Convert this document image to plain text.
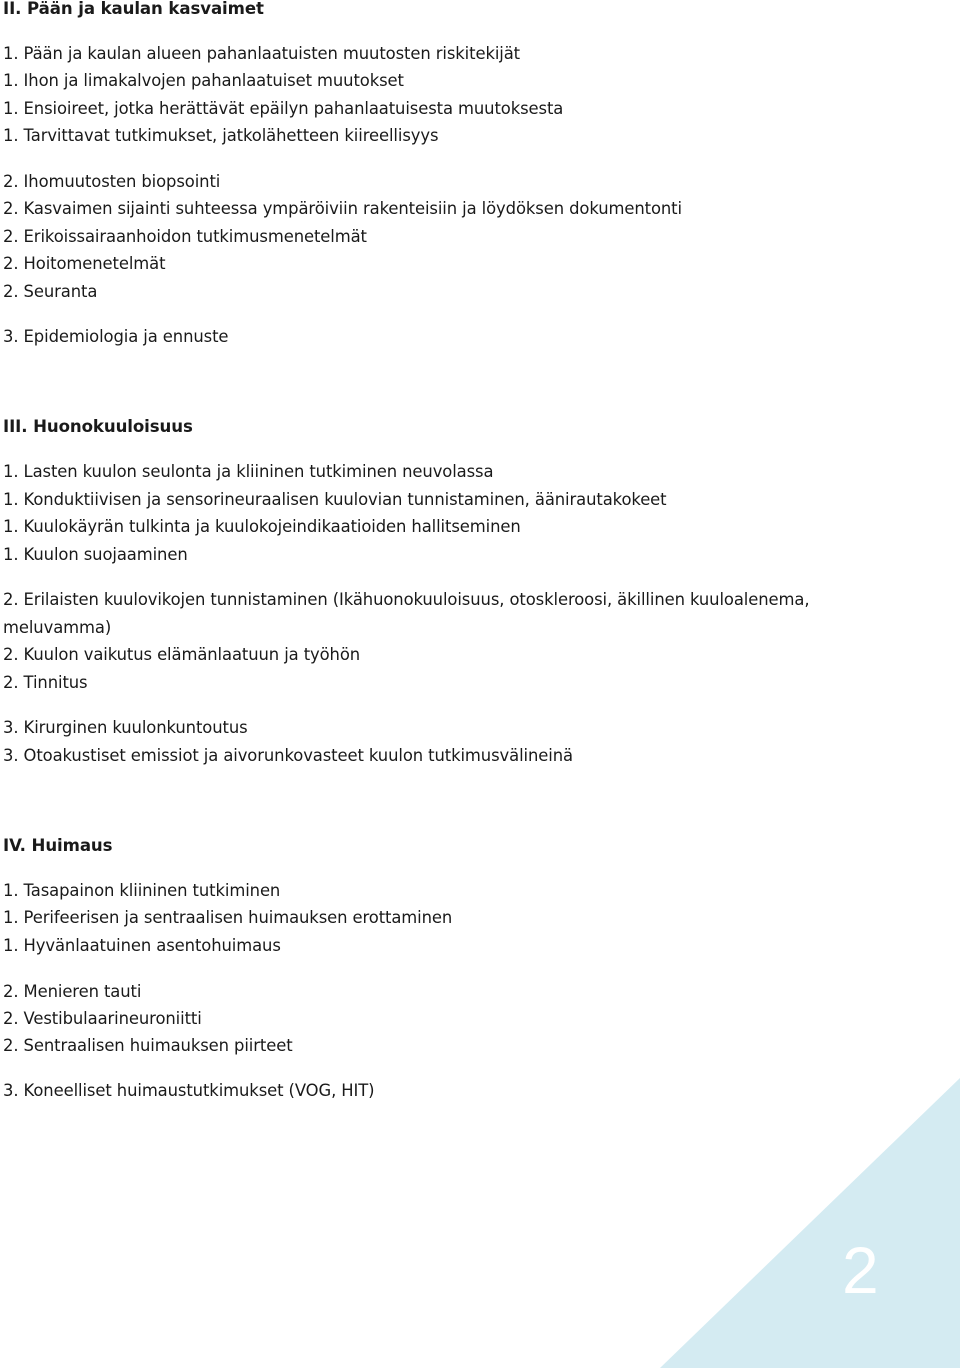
II. Pään ja kaulan kasvaimet
1. Pään ja kaulan alueen pahanlaatuisten muutosten riskitekijät
1. Ihon ja limakalvojen pahanlaatuiset muutokset
1. Ensioireet, jotka herättävät epäilyn pahanlaatuisesta muutoksesta
1. Tarvittavat tutkimukset, jatkolähetteen kiireellisyys
2. Ihomuutosten biopsointi
2. Kasvaimen sijainti suhteessa ympäröiviin rakenteisiin ja löydöksen dokumentonti
2. Erikoissairaanhoidon tutkimusmenetelmät
2. Hoitomenetelmät
2. Seuranta
3. Epidemiologia ja ennuste
III. Huonokuuloisuus
1. Lasten kuulon seulonta ja kliininen tutkiminen neuvolassa
1. Konduktiivisen ja sensorineuraalisen kuulovian tunnistaminen, äänirautakokeet
1. Kuulokäyrän tulkinta ja kuulokojeindikaatioiden hallitseminen
1. Kuulon suojaaminen
2. Erilaisten kuulovikojen tunnistaminen (Ikähuonokuuloisuus, otoskleroosi, äkillinen kuuloalenema,
meluvamma)
2. Kuulon vaikutus elämänlaatuun ja työhön
2. Tinnitus
3. Kirurginen kuulonkuntoutus
3. Otoakustiset emissiot ja aivorunkovasteet kuulon tutkimusvälineinä
IV. Huimaus
1. Tasapainon kliininen tutkiminen
1. Perifeerisen ja sentraalisen huimauksen erottaminen
1. Hyvänlaatuinen asentohuimaus
2. Menieren tauti
2. Vestibulaarineuroniitti
2. Sentraalisen huimauksen piirteet
3. Koneelliset huimaustutkimukset (VOG, HIT)
2
